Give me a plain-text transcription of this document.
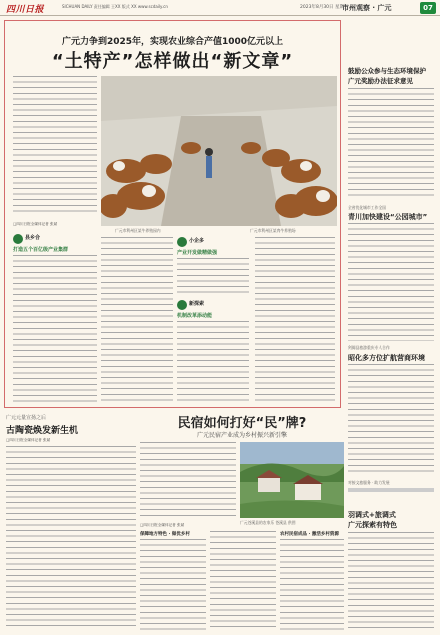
四川日报	SICHUAN DAILY 责任编辑 王XX 版式 XX www.scdaily.cn	2023年8月30日 星期三
市州观察 · 广元	07
广元力争到2025年，实现农业综合产值1000亿元以上
“土特产”怎样做出“新文章”
□四川日报全媒体记者 张斌
县乡合
打造五个百亿级产业集群
广元市利州区某牛养殖园内	广元市利州区某肉牛养殖场
小企多
产业开发做精做强
新探索
机制改革添动能
鼓励公众参与生态环境保护
广元奖励办法征求意见
全省优化城市工作全国
青川加快建设“公园城市”
剑阁县旅游重庆专人合作
昭化多方位扩航营商环境
对接文旅服务 · 助力发展
羽调式+旅调式
广元探索有特色
广元元量宣扬之后
古陶瓷焕发新生机
□四川日报全媒体记者 张斌
民宿如何打好“民”牌?
广元民宿产业成为乡村振兴新引擎
广元苍溪县的农家乐 苍溪县 供图
□四川日报全媒体记者 张斌
保障地方特色 · 做优乡村	农村民宿成品 · 激活乡村资源
